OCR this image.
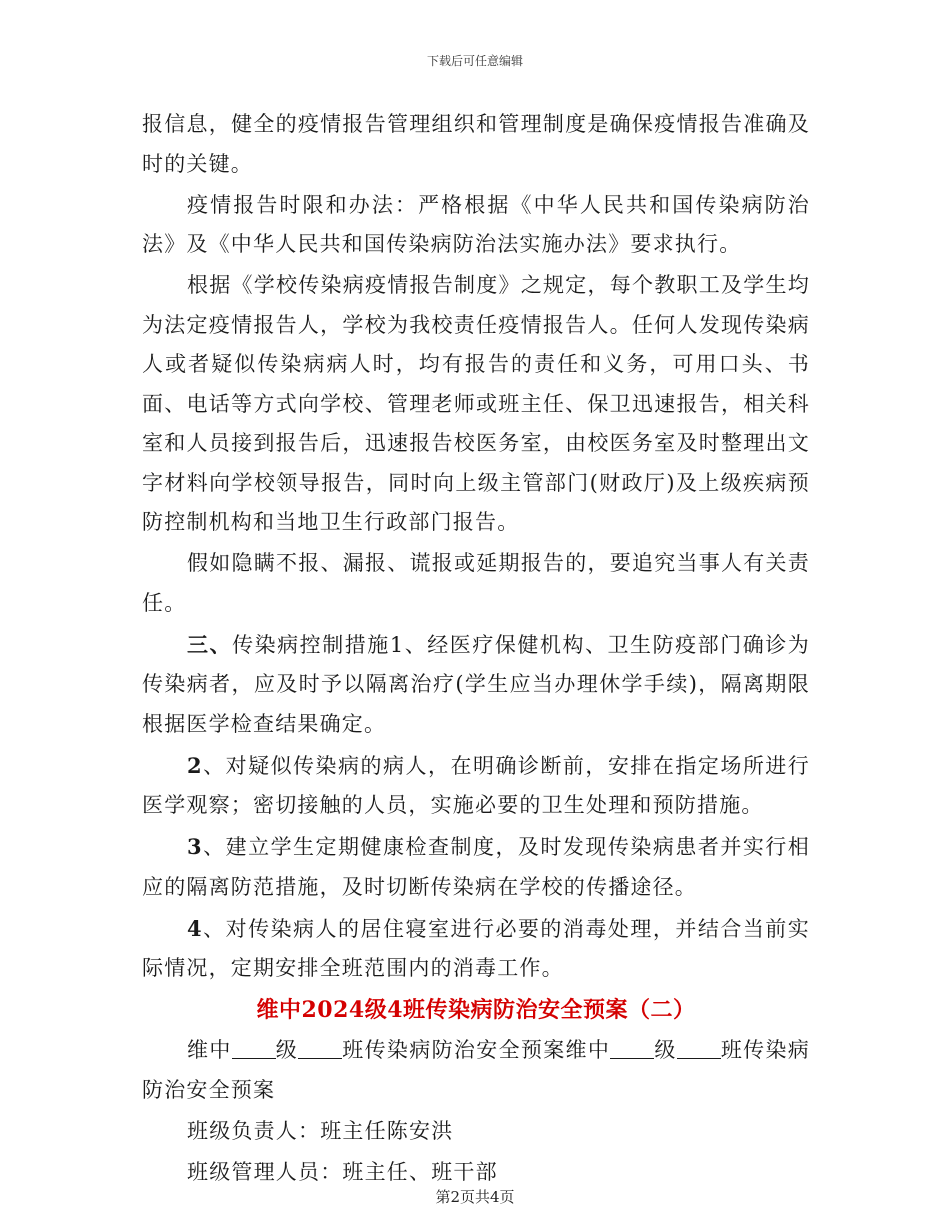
下载后可任意编辑

报信息，健全的疫情报告管理组织和管理制度是确保疫情报告准确及时的关键。

疫情报告时限和办法：严格根据《中华人民共和国传染病防治法》及《中华人民共和国传染病防治法实施办法》要求执行。

根据《学校传染病疫情报告制度》之规定，每个教职工及学生均为法定疫情报告人，学校为我校责任疫情报告人。任何人发现传染病人或者疑似传染病病人时，均有报告的责任和义务，可用口头、书面、电话等方式向学校、管理老师或班主任、保卫迅速报告，相关科室和人员接到报告后，迅速报告校医务室，由校医务室及时整理出文字材料向学校领导报告，同时向上级主管部门(财政厅)及上级疾病预防控制机构和当地卫生行政部门报告。

假如隐瞒不报、漏报、谎报或延期报告的，要追究当事人有关责任。

三、传染病控制措施1、经医疗保健机构、卫生防疫部门确诊为传染病者，应及时予以隔离治疗(学生应当办理休学手续)，隔离期限根据医学检查结果确定。

2、对疑似传染病的病人，在明确诊断前，安排在指定场所进行医学观察；密切接触的人员，实施必要的卫生处理和预防措施。

3、建立学生定期健康检查制度，及时发现传染病患者并实行相应的隔离防范措施，及时切断传染病在学校的传播途径。

4、对传染病人的居住寝室进行必要的消毒处理，并结合当前实际情况，定期安排全班范围内的消毒工作。

维中2024级4班传染病防治安全预案（二）

维中 级 班传染病防治安全预案维中 级 班传染病防治安全预案

班级负责人：班主任陈安洪

班级管理人员：班主任、班干部

第2页共4页
